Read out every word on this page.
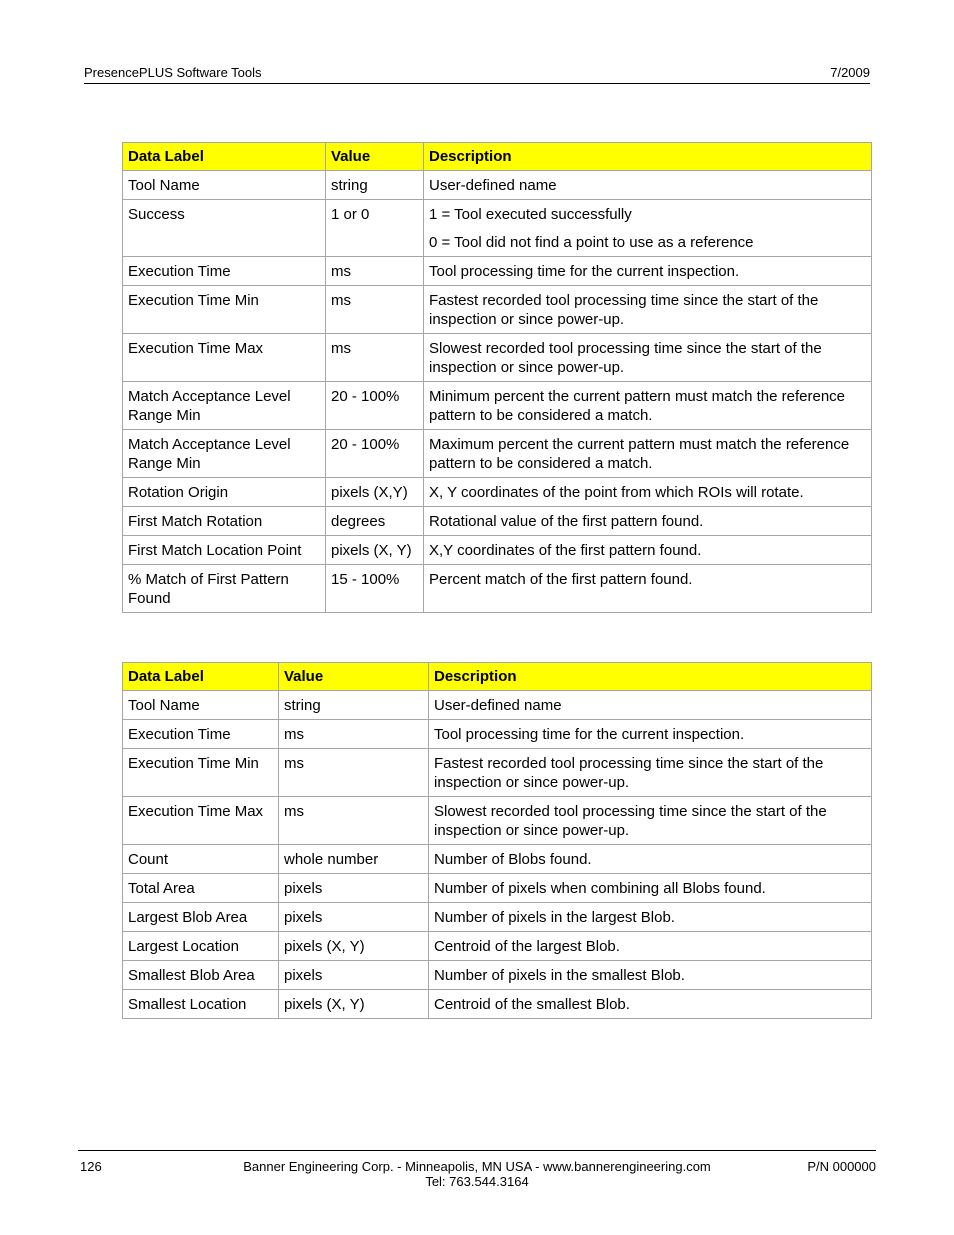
PresencePLUS Software Tools	7/2009
Data Label	Value	Description
Tool Name	string	User-defined name

Success	1 or 0	1 = Tool executed successfully
0 = Tool did not find a point to use as a reference

Execution Time	ms	Tool processing time for the current inspection.

Execution Time Min	ms	Fastest recorded tool processing time since the start of the inspection or since power-up.

Execution Time Max	ms	Slowest recorded tool processing time since the start of the inspection or since power-up.

Match Acceptance Level Range Min	20 - 100%	Minimum percent the current pattern must match the reference pattern to be considered a match.

Match Acceptance Level Range Min	20 - 100%	Maximum percent the current pattern must match the reference pattern to be considered a match.

Rotation Origin	pixels (X,Y)	X, Y coordinates of the point from which ROIs will rotate.

First Match Rotation	degrees	Rotational value of the first pattern found.

First Match Location Point	pixels (X, Y)	X,Y coordinates of the first pattern found.

% Match of First Pattern Found	15 - 100%	Percent match of the first pattern found.
Data Label	Value	Description
Tool Name	string	User-defined name

Execution Time	ms	Tool processing time for the current inspection.

Execution Time Min	ms	Fastest recorded tool processing time since the start of the inspection or since power-up.

Execution Time Max	ms	Slowest recorded tool processing time since the start of the inspection or since power-up.

Count	whole number	Number of Blobs found.

Total Area	pixels	Number of pixels when combining all Blobs found.

Largest Blob Area	pixels	Number of pixels in the largest Blob.

Largest Location	pixels (X, Y)	Centroid of the largest Blob.

Smallest Blob Area	pixels	Number of pixels in the smallest Blob.

Smallest Location	pixels (X, Y)	Centroid of the smallest Blob.
126	Banner Engineering Corp. - Minneapolis, MN USA - www.bannerengineering.com
Tel: 763.544.3164
P/N 000000
